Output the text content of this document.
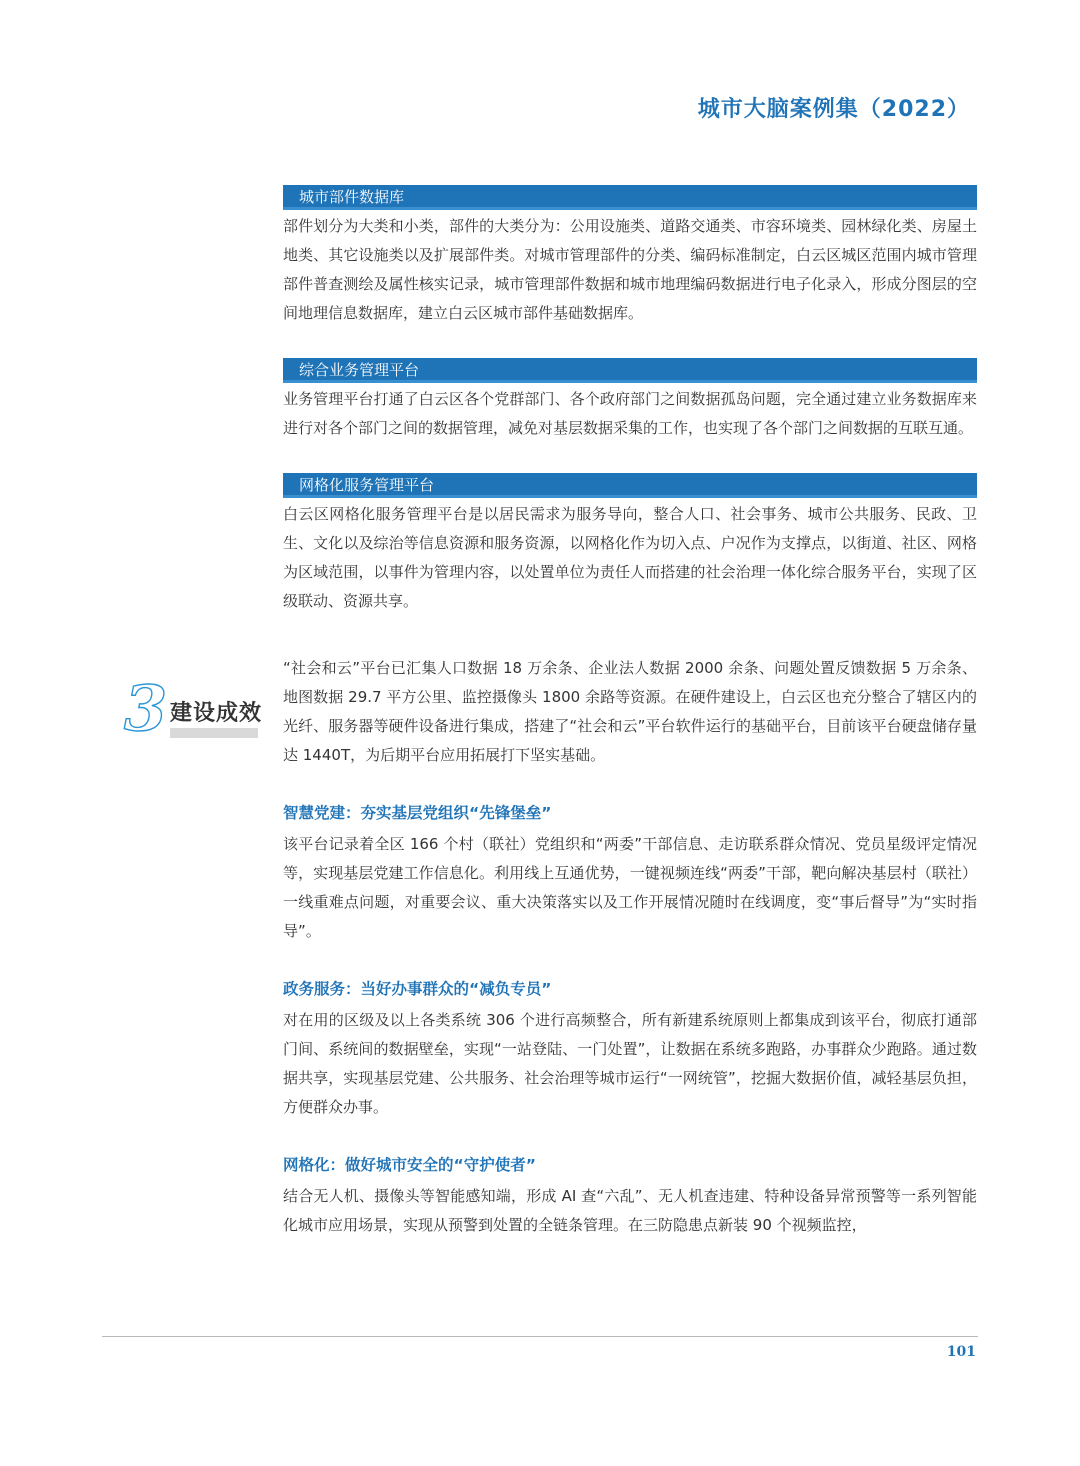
城市大脑案例集（2022）
3 建设成效
城市部件数据库

部件划分为大类和小类，部件的大类分为：公用设施类、道路交通类、市容环境类、园林绿化类、房屋土地类、其它设施类以及扩展部件类。对城市管理部件的分类、编码标准制定，白云区城区范围内城市管理部件普查测绘及属性核实记录，城市管理部件数据和城市地理编码数据进行电子化录入，形成分图层的空间地理信息数据库，建立白云区城市部件基础数据库。

综合业务管理平台

业务管理平台打通了白云区各个党群部门、各个政府部门之间数据孤岛问题，完全通过建立业务数据库来进行对各个部门之间的数据管理，减免对基层数据采集的工作，也实现了各个部门之间数据的互联互通。

网格化服务管理平台

白云区网格化服务管理平台是以居民需求为服务导向，整合人口、社会事务、城市公共服务、民政、卫生、文化以及综治等信息资源和服务资源，以网格化作为切入点、户况作为支撑点，以街道、社区、网格为区域范围，以事件为管理内容，以处置单位为责任人而搭建的社会治理一体化综合服务平台，实现了区级联动、资源共享。

“社会和云”平台已汇集人口数据 18 万余条、企业法人数据 2000 余条、问题处置反馈数据 5 万余条、地图数据 29.7 平方公里、监控摄像头 1800 余路等资源。在硬件建设上，白云区也充分整合了辖区内的光纤、服务器等硬件设备进行集成，搭建了“社会和云”平台软件运行的基础平台，目前该平台硬盘储存量达 1440T，为后期平台应用拓展打下坚实基础。

智慧党建：夯实基层党组织“先锋堡垒”

该平台记录着全区 166 个村（联社）党组织和“两委”干部信息、走访联系群众情况、党员星级评定情况等，实现基层党建工作信息化。利用线上互通优势，一键视频连线“两委”干部，靶向解决基层村（联社）一线重难点问题，对重要会议、重大决策落实以及工作开展情况随时在线调度，变“事后督导”为“实时指导”。

政务服务：当好办事群众的“减负专员”

对在用的区级及以上各类系统 306 个进行高频整合，所有新建系统原则上都集成到该平台，彻底打通部门间、系统间的数据壁垒，实现“一站登陆、一门处置”，让数据在系统多跑路，办事群众少跑路。通过数据共享，实现基层党建、公共服务、社会治理等城市运行“一网统管”，挖掘大数据价值，减轻基层负担，方便群众办事。

网格化：做好城市安全的“守护使者”

结合无人机、摄像头等智能感知端，形成 AI 查“六乱”、无人机查违建、特种设备异常预警等一系列智能化城市应用场景，实现从预警到处置的全链条管理。在三防隐患点新装 90 个视频监控，

101
